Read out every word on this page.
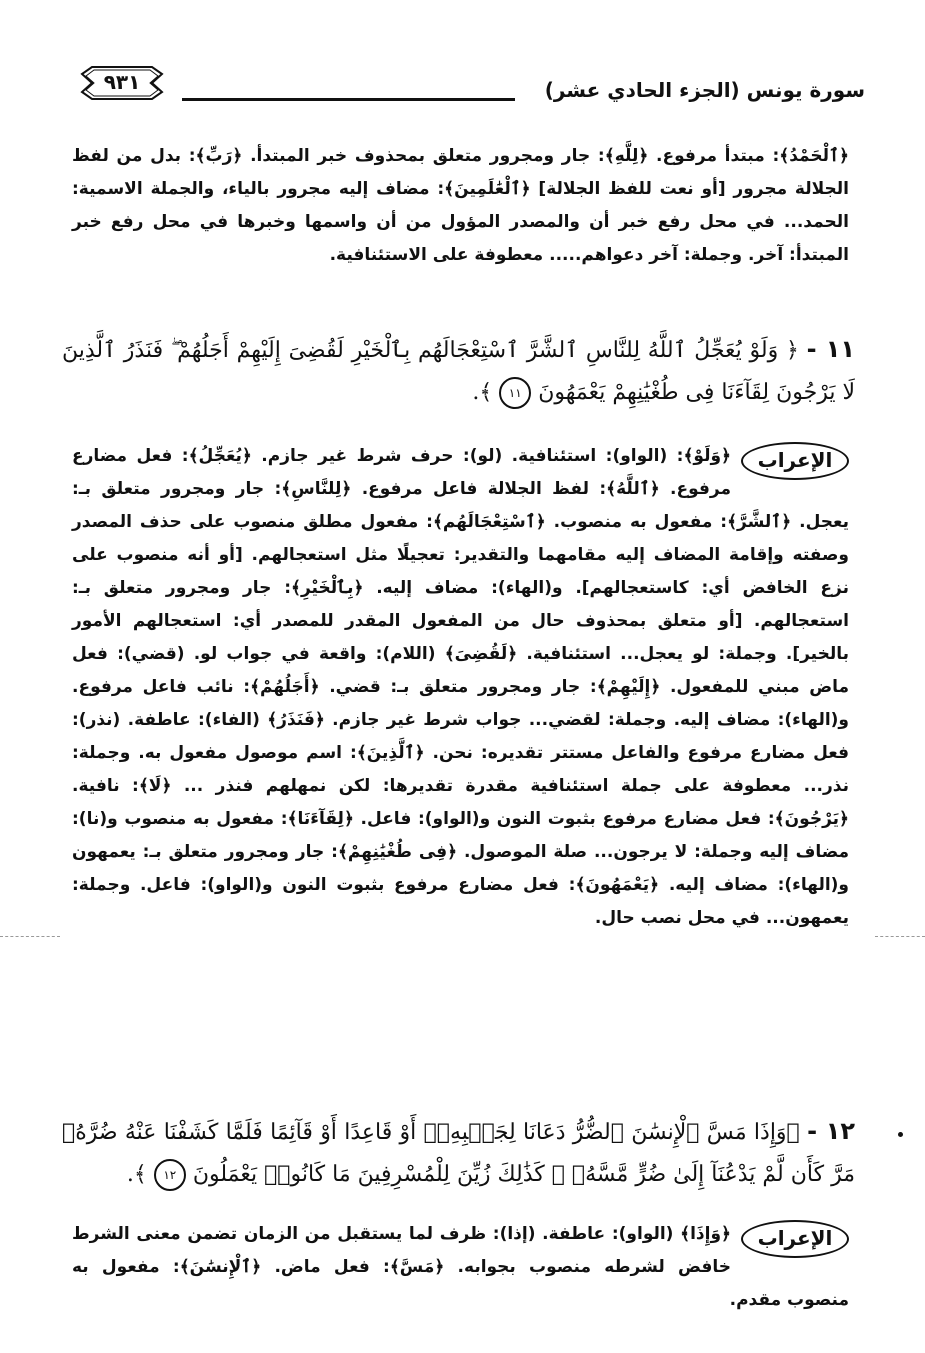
سورة يونس (الجزء الحادي عشر)
٩٣١

﴿ٱلْحَمْدُ﴾: مبتدأ مرفوع. ﴿لِلَّهِ﴾: جار ومجرور متعلق بمحذوف خبر المبتدأ. ﴿رَبِّ﴾: بدل من لفظ الجلالة مجرور [أو نعت للفظ الجلالة] ﴿ٱلْعَٰلَمِينَ﴾: مضاف إليه مجرور بالياء، والجملة الاسمية: الحمد... في محل رفع خبر أن والمصدر المؤول من أن واسمها وخبرها في محل رفع خبر المبتدأ: آخر. وجملة: آخر دعواهم..... معطوفة على الاستئنافية.

١١ - ﴿ وَلَوْ يُعَجِّلُ ٱللَّهُ لِلنَّاسِ ٱلشَّرَّ ٱسْتِعْجَالَهُم بِٱلْخَيْرِ لَقُضِىَ إِلَيْهِمْ أَجَلُهُمْ ۖ فَنَذَرُ ٱلَّذِينَ لَا يَرْجُونَ لِقَآءَنَا فِى طُغْيَٰنِهِمْ يَعْمَهُونَ ١١ ﴾.

الإعراب

﴿وَلَوْ﴾: (الواو): استئنافية. (لو): حرف شرط غير جازم. ﴿يُعَجِّلُ﴾: فعل مضارع مرفوع. ﴿ٱللَّهُ﴾: لفظ الجلالة فاعل مرفوع. ﴿لِلنَّاسِ﴾: جار ومجرور متعلق بـ: يعجل. ﴿ٱلشَّرَّ﴾: مفعول به منصوب. ﴿ٱسْتِعْجَالَهُم﴾: مفعول مطلق منصوب على حذف المصدر وصفته وإقامة المضاف إليه مقامهما والتقدير: تعجيلًا مثل استعجالهم. [أو أنه منصوب على نزع الخافض أي: كاستعجالهم]. و(الهاء): مضاف إليه. ﴿بِٱلْخَيْرِ﴾: جار ومجرور متعلق بـ: استعجالهم. [أو متعلق بمحذوف حال من المفعول المقدر للمصدر أي: استعجالهم الأمور بالخير]. وجملة: لو يعجل... استئنافية. ﴿لَقُضِىَ﴾ (اللام): واقعة في جواب لو. (قضي): فعل ماض مبني للمفعول. ﴿إِلَيْهِمْ﴾: جار ومجرور متعلق بـ: قضي. ﴿أَجَلُهُمْ﴾: نائب فاعل مرفوع. و(الهاء): مضاف إليه. وجملة: لقضي... جواب شرط غير جازم. ﴿فَنَذَرُ﴾ (الفاء): عاطفة. (نذر): فعل مضارع مرفوع والفاعل مستتر تقديره: نحن. ﴿ٱلَّذِينَ﴾: اسم موصول مفعول به. وجملة: نذر... معطوفة على جملة استئنافية مقدرة تقديرها: لكن نمهلهم فنذر ... ﴿لَا﴾: نافية. ﴿يَرْجُونَ﴾: فعل مضارع مرفوع بثبوت النون و(الواو): فاعل. ﴿لِقَآءَنَا﴾: مفعول به منصوب و(نا): مضاف إليه وجملة: لا يرجون... صلة الموصول. ﴿فِى طُغْيَٰنِهِمْ﴾: جار ومجرور متعلق بـ: يعمهون و(الهاء): مضاف إليه. ﴿يَعْمَهُونَ﴾: فعل مضارع مرفوع بثبوت النون و(الواو): فاعل. وجملة: يعمهون... في محل نصب حال.

١٢ - ﴿وَإِذَا مَسَّ ٱلْإِنسَٰنَ ٱلضُّرُّ دَعَانَا لِجَنۢبِهِۦٓ أَوْ قَاعِدًا أَوْ قَآئِمًا فَلَمَّا كَشَفْنَا عَنْهُ ضُرَّهُۥ مَرَّ كَأَن لَّمْ يَدْعُنَآ إِلَىٰ ضُرٍّ مَّسَّهُۥ ۚ كَذَٰلِكَ زُيِّنَ لِلْمُسْرِفِينَ مَا كَانُوا۟ يَعْمَلُونَ ١٢ ﴾.

الإعراب

﴿وَإِذَا﴾ (الواو): عاطفة. (إذا): ظرف لما يستقبل من الزمان تضمن معنى الشرط خافض لشرطه منصوب بجوابه. ﴿مَسَّ﴾: فعل ماض. ﴿ٱلْإِنسَٰنَ﴾: مفعول به منصوب مقدم.
